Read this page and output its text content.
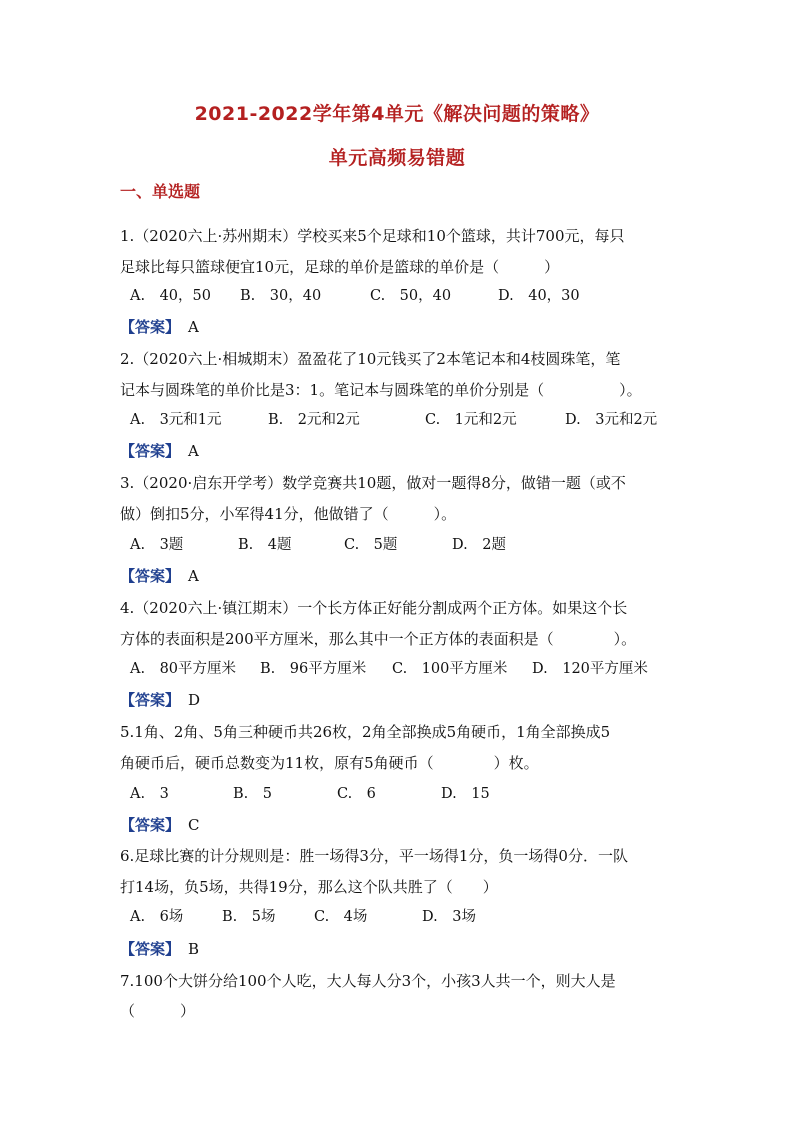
2021-2022学年第4单元《解决问题的策略》
单元高频易错题
一、单选题
1.（2020六上·苏州期末）学校买来5个足球和10个篮球，共计700元，每只
足球比每只篮球便宜10元，足球的单价是篮球的单价是（　　　）
A.　40，50 B.　30，40	C.　50，40	D.　40，30
【答案】 A
2.（2020六上·相城期末）盈盈花了10元钱买了2本笔记本和4枝圆珠笔，笔
记本与圆珠笔的单价比是3：1。笔记本与圆珠笔的单价分别是（　　　　　）。
A.　3元和1元	B.　2元和2元	C.　1元和2元	D.　3元和2元
【答案】 A
3.（2020·启东开学考）数学竞赛共10题，做对一题得8分，做错一题（或不
做）倒扣5分，小军得41分，他做错了（　　　）。
A.　3题	B.　4题	C.　5题	D.　2题
【答案】 A
4.（2020六上·镇江期末）一个长方体正好能分割成两个正方体。如果这个长
方体的表面积是200平方厘米，那么其中一个正方体的表面积是（　　　　）。
A.　80平方厘米 B.　96平方厘米 C.　100平方厘米 D.　120平方厘米
【答案】 D
5.1角、2角、5角三种硬币共26枚，2角全部换成5角硬币，1角全部换成5
角硬币后，硬币总数变为11枚，原有5角硬币（　　　　）枚。
A.　3	B.　5	C.　6	D.　15
【答案】 C
6.足球比赛的计分规则是：胜一场得3分，平一场得1分，负一场得0分．一队
打14场，负5场，共得19分，那么这个队共胜了（　　）
A.　6场	B.　5场	C.　4场	D.　3场
【答案】 B
7.100个大饼分给100个人吃，大人每人分3个，小孩3人共一个，则大人是
（　　　）
